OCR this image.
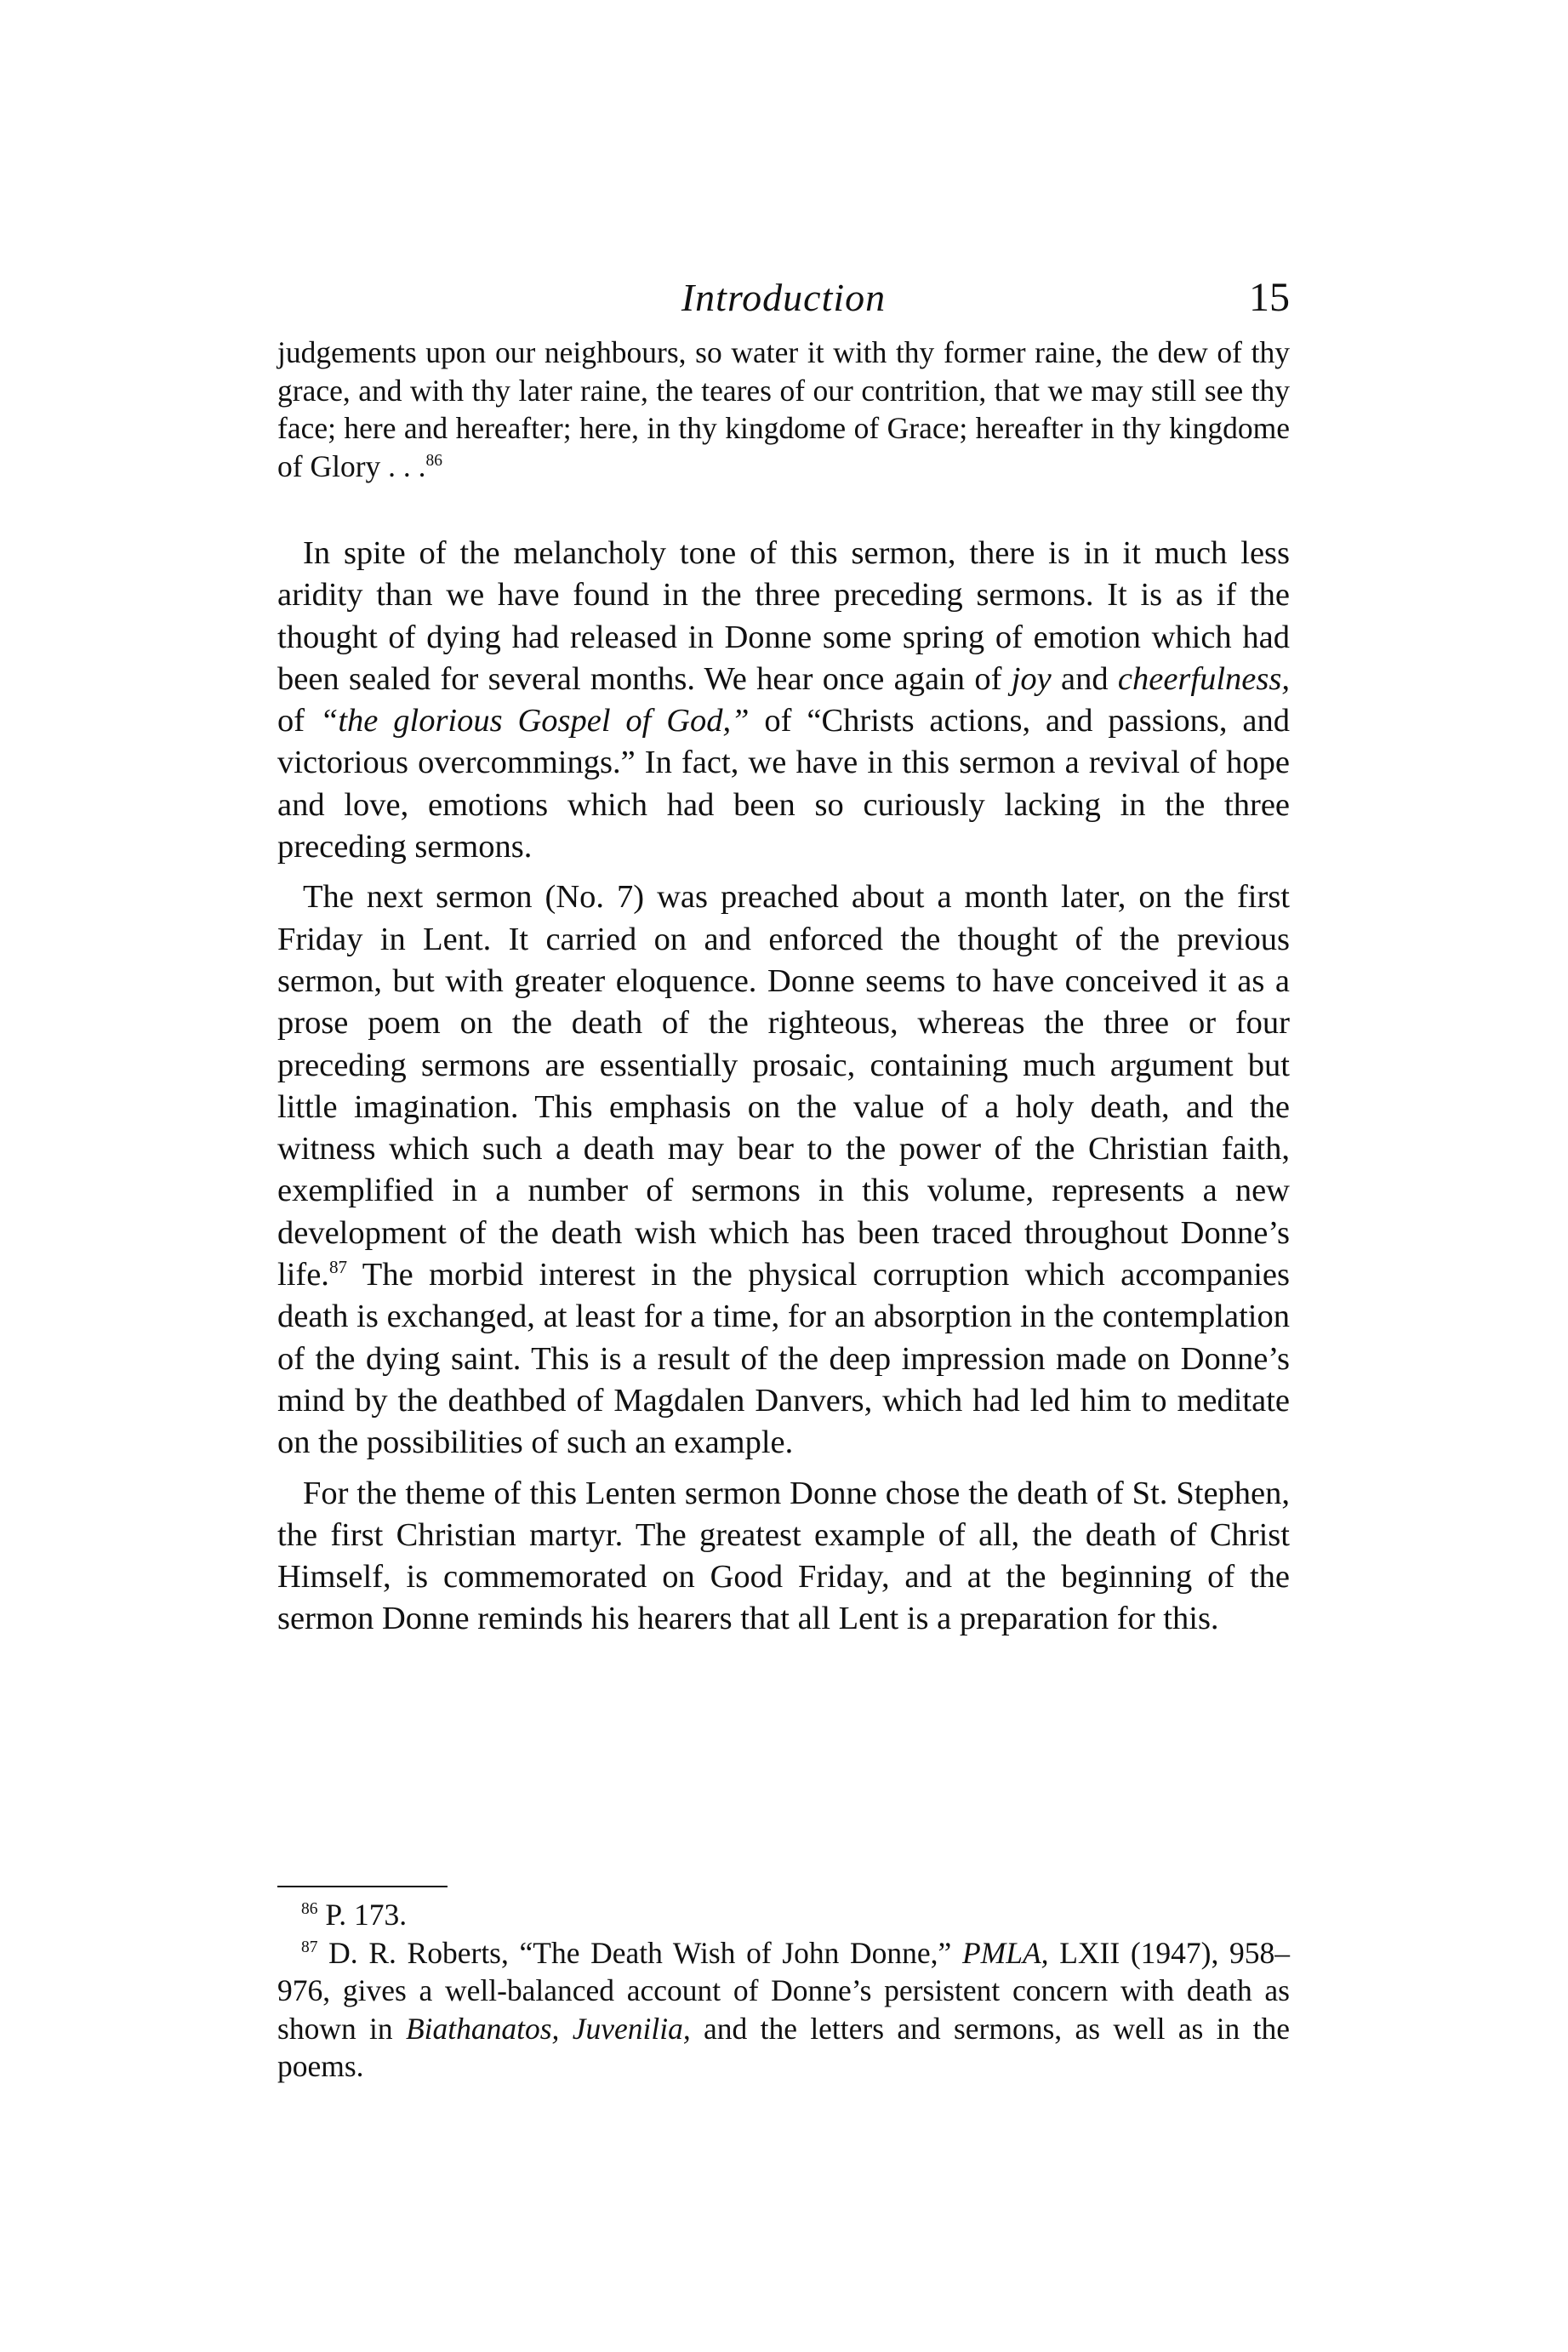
Introduction	15

judgements upon our neighbours, so water it with thy former raine, the dew of thy grace, and with thy later raine, the teares of our contrition, that we may still see thy face; here and hereafter; here, in thy kingdome of Grace; hereafter in thy kingdome of Glory . . .$^{86}$

In spite of the melancholy tone of this sermon, there is in it much less aridity than we have found in the three preceding sermons. It is as if the thought of dying had released in Donne some spring of emotion which had been sealed for several months. We hear once again of joy and cheerfulness, of “the glorious Gospel of God,” of “Christs actions, and passions, and victorious overcommings.” In fact, we have in this sermon a revival of hope and love, emotions which had been so curiously lacking in the three preceding sermons.

The next sermon (No. 7) was preached about a month later, on the first Friday in Lent. It carried on and enforced the thought of the previous sermon, but with greater eloquence. Donne seems to have conceived it as a prose poem on the death of the righteous, whereas the three or four preceding sermons are essentially prosaic, containing much argument but little imagination. This emphasis on the value of a holy death, and the witness which such a death may bear to the power of the Christian faith, exemplified in a number of sermons in this volume, represents a new development of the death wish which has been traced throughout Donne’s life.$^{87}$ The morbid interest in the physical corruption which accompanies death is exchanged, at least for a time, for an absorption in the contemplation of the dying saint. This is a result of the deep impression made on Donne’s mind by the deathbed of Magdalen Danvers, which had led him to meditate on the possibilities of such an example.

For the theme of this Lenten sermon Donne chose the death of St. Stephen, the first Christian martyr. The greatest example of all, the death of Christ Himself, is commemorated on Good Friday, and at the beginning of the sermon Donne reminds his hearers that all Lent is a preparation for this.

$^{86}$ P. 173.

$^{87}$ D. R. Roberts, “The Death Wish of John Donne,” PMLA, LXII (1947), 958–976, gives a well-balanced account of Donne’s persistent concern with death as shown in Biathanatos, Juvenilia, and the letters and sermons, as well as in the poems.
